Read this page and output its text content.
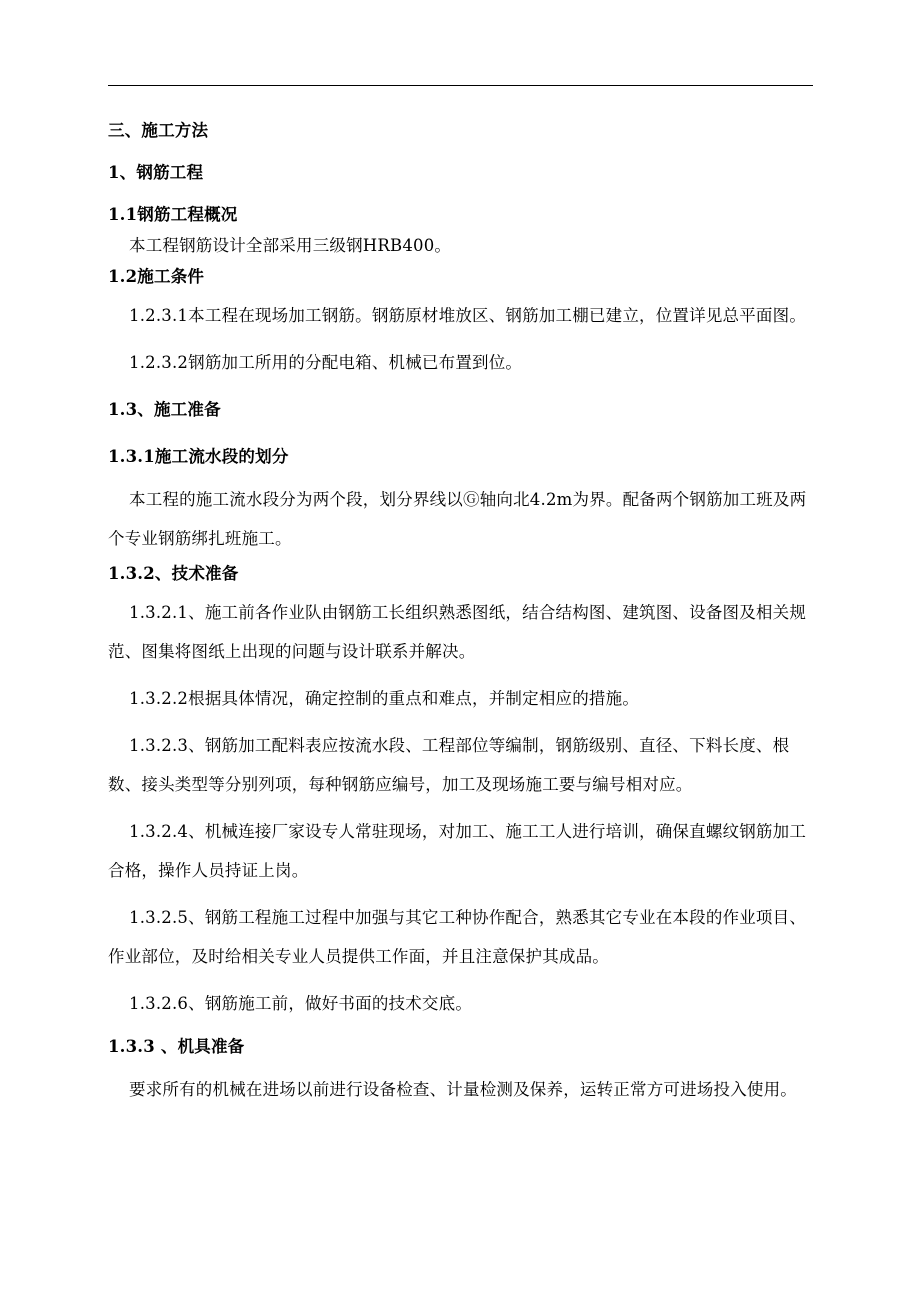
三、施工方法
1、钢筋工程
1.1钢筋工程概况
本工程钢筋设计全部采用三级钢HRB400。
1.2施工条件
1.2.3.1本工程在现场加工钢筋。钢筋原材堆放区、钢筋加工棚已建立，位置详见总平面图。
1.2.3.2钢筋加工所用的分配电箱、机械已布置到位。
1.3、施工准备
1.3.1施工流水段的划分
本工程的施工流水段分为两个段，划分界线以Ⓖ轴向北4.2m为界。配备两个钢筋加工班及两个专业钢筋绑扎班施工。
1.3.2、技术准备
1.3.2.1、施工前各作业队由钢筋工长组织熟悉图纸，结合结构图、建筑图、设备图及相关规范、图集将图纸上出现的问题与设计联系并解决。
1.3.2.2根据具体情况，确定控制的重点和难点，并制定相应的措施。
1.3.2.3、钢筋加工配料表应按流水段、工程部位等编制，钢筋级别、直径、下料长度、根数、接头类型等分别列项，每种钢筋应编号，加工及现场施工要与编号相对应。
1.3.2.4、机械连接厂家设专人常驻现场，对加工、施工工人进行培训，确保直螺纹钢筋加工合格，操作人员持证上岗。
1.3.2.5、钢筋工程施工过程中加强与其它工种协作配合，熟悉其它专业在本段的作业项目、作业部位，及时给相关专业人员提供工作面，并且注意保护其成品。
1.3.2.6、钢筋施工前，做好书面的技术交底。
1.3.3 、机具准备
要求所有的机械在进场以前进行设备检查、计量检测及保养，运转正常方可进场投入使用。
